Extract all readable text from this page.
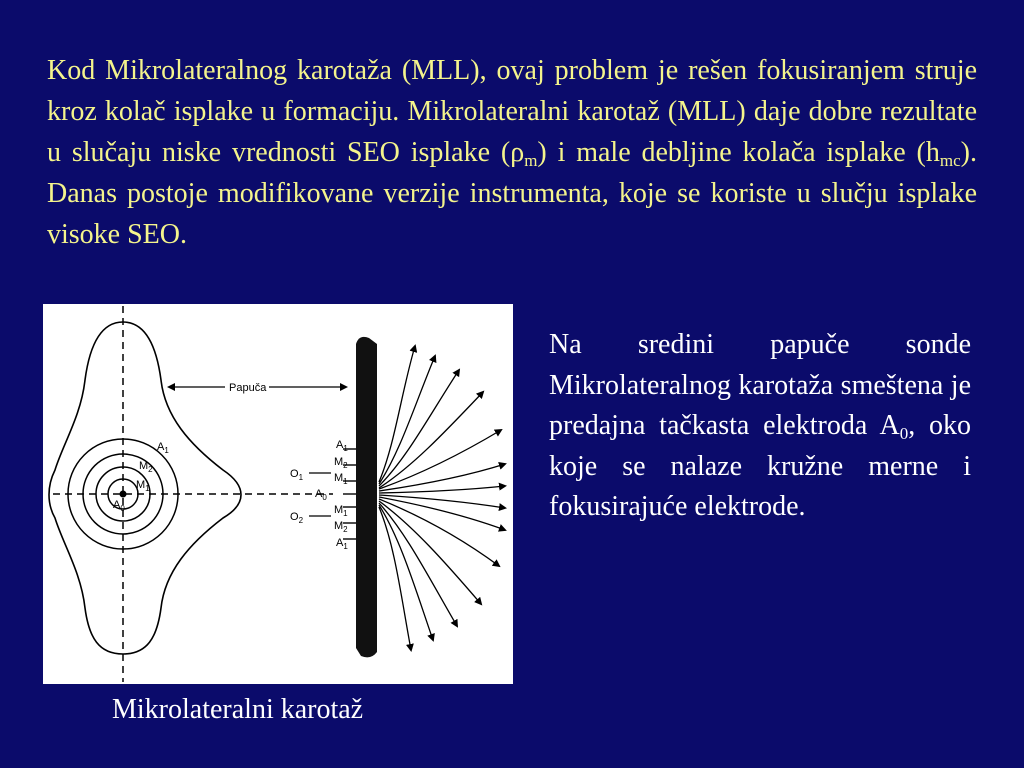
Kod Mikrolateralnog karotaža (MLL), ovaj problem je rešen fokusiranjem struje kroz kolač isplake u formaciju. Mikrolateralni karotaž (MLL) daje dobre rezultate u slučaju niske vrednosti SEO isplake $(\rho_m)$ i male debljine kolača isplake $(h_{mc})$. Danas postoje modifikovane verzije instrumenta, koje se koriste u slučju isplake visoke SEO.

$A_1$
$M_2$
$M_1$
$A_0$
Papuča
$A_1$
$M_2$
$M_1$
$A_0$
$M_1$
$M_2$
$A_1$
$O_1$
$O_2$

Mikrolateralni karotaž

Na sredini papuče sonde Mikrolateralnog karotaža smeštena je predajna tačkasta elektroda $A_0$, oko koje se nalaze kružne merne i fokusirajuće elektrode.
